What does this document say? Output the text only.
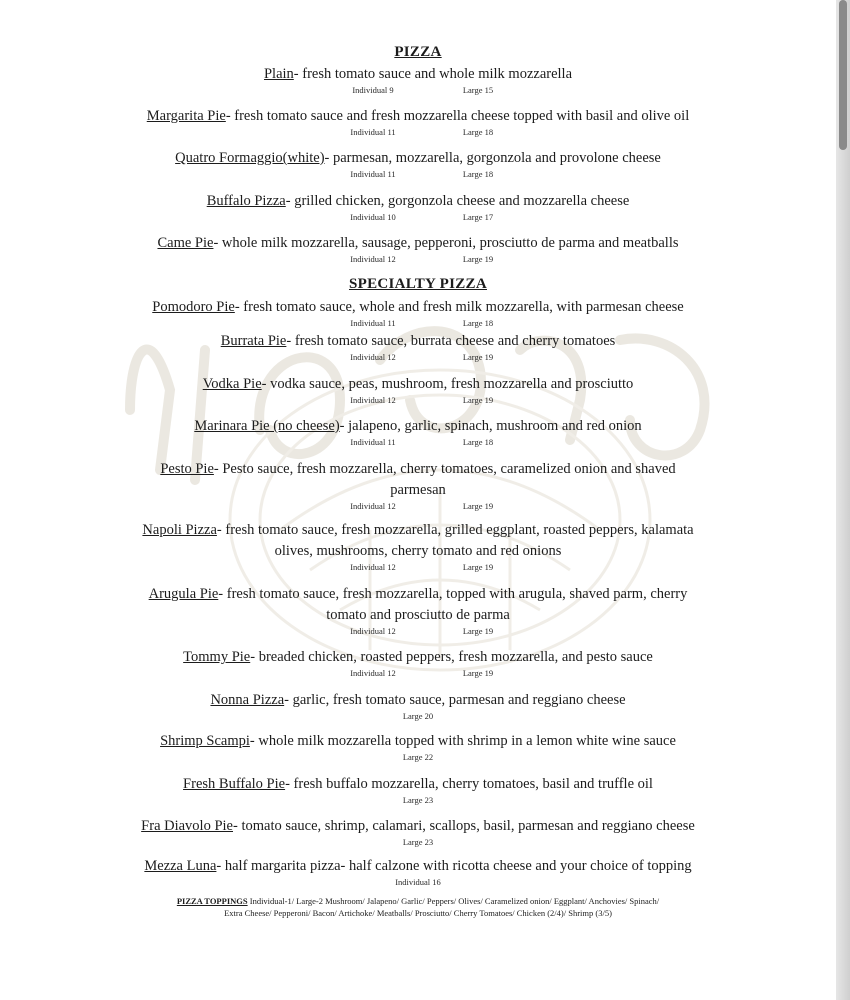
PIZZA
SPECIALTY PIZZA
Plain- fresh tomato sauce and whole milk mozzarella
Individual 9	Large 15
Margarita Pie- fresh tomato sauce and fresh mozzarella cheese topped with basil and olive oil
Individual 11	Large 18
Quatro Formaggio(white)- parmesan, mozzarella, gorgonzola and provolone cheese
Individual 11	Large 18
Buffalo Pizza- grilled chicken, gorgonzola cheese and mozzarella cheese
Individual 10	Large 17
Came Pie- whole milk mozzarella, sausage, pepperoni, prosciutto de parma and meatballs
Individual 12	Large 19
Pomodoro Pie- fresh tomato sauce, whole and fresh milk mozzarella, with parmesan cheese
Individual 11	Large 18
Burrata Pie- fresh tomato sauce, burrata cheese and cherry tomatoes
Individual 12	Large 19
Vodka Pie- vodka sauce, peas, mushroom, fresh mozzarella and prosciutto
Individual 12	Large 19
Marinara Pie (no cheese)- jalapeno, garlic, spinach, mushroom and red onion
Individual 11	Large 18
Pesto Pie- Pesto sauce, fresh mozzarella, cherry tomatoes, caramelized onion and shaved
parmesan
Individual 12	Large 19
Napoli Pizza- fresh tomato sauce, fresh mozzarella, grilled eggplant, roasted peppers, kalamata
olives, mushrooms, cherry tomato and red onions
Individual 12	Large 19
Arugula Pie- fresh tomato sauce, fresh mozzarella, topped with arugula, shaved parm, cherry
tomato and prosciutto de parma
Individual 12	Large 19
Tommy Pie- breaded chicken, roasted peppers, fresh mozzarella, and pesto sauce
Individual 12	Large 19
Nonna Pizza- garlic, fresh tomato sauce, parmesan and reggiano cheese
Large 20
Shrimp Scampi- whole milk mozzarella topped with shrimp in a lemon white wine sauce
Large 22
Fresh Buffalo Pie- fresh buffalo mozzarella, cherry tomatoes, basil and truffle oil
Large 23
Fra Diavolo Pie- tomato sauce, shrimp, calamari, scallops, basil, parmesan and reggiano cheese
Large 23
Mezza Luna- half margarita pizza- half calzone with ricotta cheese and your choice of topping
Individual 16
PIZZA TOPPINGS Individual-1/ Large-2 Mushroom/ Jalapeno/ Garlic/ Peppers/ Olives/ Caramelized onion/ Eggplant/ Anchovies/ Spinach/
Extra Cheese/ Pepperoni/ Bacon/ Artichoke/ Meatballs/ Prosciutto/ Cherry Tomatoes/ Chicken (2/4)/ Shrimp (3/5)
